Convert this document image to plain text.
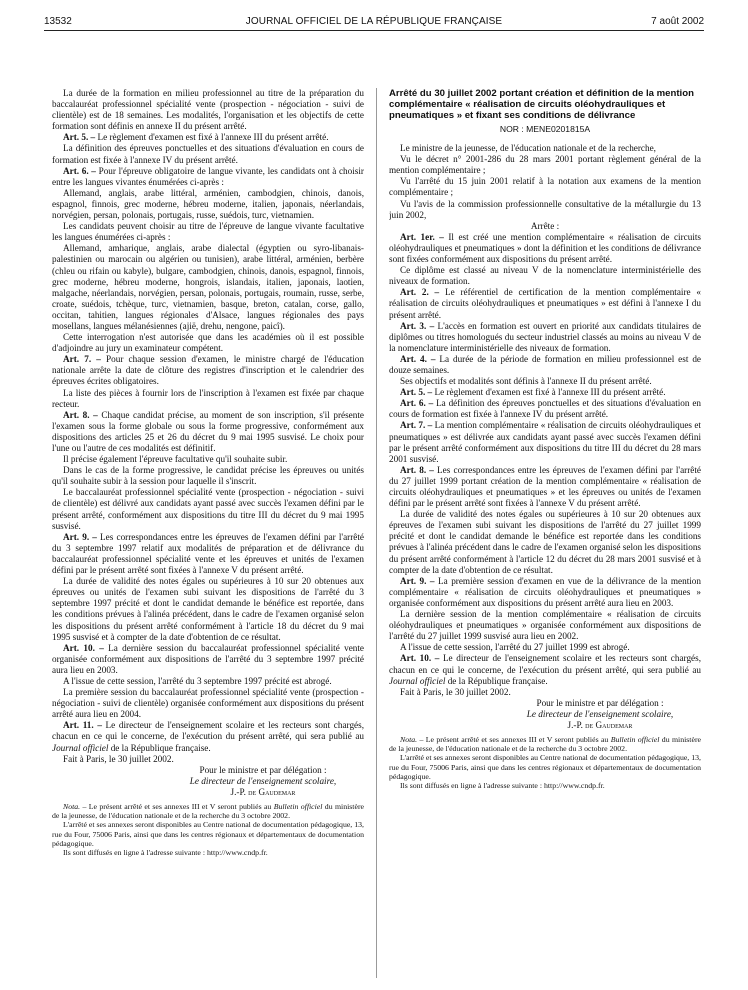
13532	JOURNAL OFFICIEL DE LA RÉPUBLIQUE FRANÇAISE	7 août 2002

La durée de la formation en milieu professionnel au titre de la préparation du baccalauréat professionnel spécialité vente (prospection - négociation - suivi de clientèle) est de 18 semaines. Les modalités, l'organisation et les objectifs de cette formation sont définis en annexe II du présent arrêté.

Art. 5. – Le règlement d'examen est fixé à l'annexe III du présent arrêté.

La définition des épreuves ponctuelles et des situations d'évaluation en cours de formation est fixée à l'annexe IV du présent arrêté.

Art. 6. – Pour l'épreuve obligatoire de langue vivante, les candidats ont à choisir entre les langues vivantes énumérées ci-après :

Allemand, anglais, arabe littéral, arménien, cambodgien, chinois, danois, espagnol, finnois, grec moderne, hébreu moderne, italien, japonais, néerlandais, norvégien, persan, polonais, portugais, russe, suédois, turc, vietnamien.

Les candidats peuvent choisir au titre de l'épreuve de langue vivante facultative les langues énumérées ci-après :

Allemand, amharique, anglais, arabe dialectal (égyptien ou syro-libanais-palestinien ou marocain ou algérien ou tunisien), arabe littéral, arménien, berbère (chleu ou rifain ou kabyle), bulgare, cambodgien, chinois, danois, espagnol, finnois, grec moderne, hébreu moderne, hongrois, islandais, italien, japonais, laotien, malgache, néerlandais, norvégien, persan, polonais, portugais, roumain, russe, serbe, croate, suédois, tchèque, turc, vietnamien, basque, breton, catalan, corse, gallo, occitan, tahitien, langues régionales d'Alsace, langues régionales des pays mosellans, langues mélanésiennes (ajië, drehu, nengone, paicî).

Cette interrogation n'est autorisée que dans les académies où il est possible d'adjoindre au jury un examinateur compétent.

Art. 7. – Pour chaque session d'examen, le ministre chargé de l'éducation nationale arrête la date de clôture des registres d'inscription et le calendrier des épreuves écrites obligatoires.

La liste des pièces à fournir lors de l'inscription à l'examen est fixée par chaque recteur.

Art. 8. – Chaque candidat précise, au moment de son inscription, s'il présente l'examen sous la forme globale ou sous la forme progressive, conformément aux dispositions des articles 25 et 26 du décret du 9 mai 1995 susvisé. Le choix pour l'une ou l'autre de ces modalités est définitif.

Il précise également l'épreuve facultative qu'il souhaite subir.

Dans le cas de la forme progressive, le candidat précise les épreuves ou unités qu'il souhaite subir à la session pour laquelle il s'inscrit.

Le baccalauréat professionnel spécialité vente (prospection - négociation - suivi de clientèle) est délivré aux candidats ayant passé avec succès l'examen défini par le présent arrêté, conformément aux dispositions du titre III du décret du 9 mai 1995 susvisé.

Art. 9. – Les correspondances entre les épreuves de l'examen défini par l'arrêté du 3 septembre 1997 relatif aux modalités de préparation et de délivrance du baccalauréat professionnel spécialité vente et les épreuves et unités de l'examen défini par le présent arrêté sont fixées à l'annexe V du présent arrêté.

La durée de validité des notes égales ou supérieures à 10 sur 20 obtenues aux épreuves ou unités de l'examen subi suivant les dispositions de l'arrêté du 3 septembre 1997 précité et dont le candidat demande le bénéfice est reportée, dans les conditions prévues à l'alinéa précédent, dans le cadre de l'examen organisé selon les dispositions du présent arrêté conformément à l'article 18 du décret du 9 mai 1995 susvisé et à compter de la date d'obtention de ce résultat.

Art. 10. – La dernière session du baccalauréat professionnel spécialité vente organisée conformément aux dispositions de l'arrêté du 3 septembre 1997 précité aura lieu en 2003.

A l'issue de cette session, l'arrêté du 3 septembre 1997 précité est abrogé.

La première session du baccalauréat professionnel spécialité vente (prospection - négociation - suivi de clientèle) organisée conformément aux dispositions du présent arrêté aura lieu en 2004.

Art. 11. – Le directeur de l'enseignement scolaire et les recteurs sont chargés, chacun en ce qui le concerne, de l'exécution du présent arrêté, qui sera publié au Journal officiel de la République française.

Fait à Paris, le 30 juillet 2002.

Pour le ministre et par délégation :

Le directeur de l'enseignement scolaire,

J.-P. de Gaudemar

Nota. – Le présent arrêté et ses annexes III et V seront publiés au Bulletin officiel du ministère de la jeunesse, de l'éducation nationale et de la recherche du 3 octobre 2002.

L'arrêté et ses annexes seront disponibles au Centre national de documentation pédagogique, 13, rue du Four, 75006 Paris, ainsi que dans les centres régionaux et départementaux de documentation pédagogique.

Ils sont diffusés en ligne à l'adresse suivante : http://www.cndp.fr.

Arrêté du 30 juillet 2002 portant création et définition de la mention complémentaire « réalisation de circuits oléohydrauliques et pneumatiques » et fixant ses conditions de délivrance

NOR : MENE0201815A

Le ministre de la jeunesse, de l'éducation nationale et de la recherche,

Vu le décret n° 2001-286 du 28 mars 2001 portant règlement général de la mention complémentaire ;

Vu l'arrêté du 15 juin 2001 relatif à la notation aux examens de la mention complémentaire ;

Vu l'avis de la commission professionnelle consultative de la métallurgie du 13 juin 2002,

Arrête :

Art. 1er. – Il est créé une mention complémentaire « réalisation de circuits oléohydrauliques et pneumatiques » dont la définition et les conditions de délivrance sont fixées conformément aux dispositions du présent arrêté.

Ce diplôme est classé au niveau V de la nomenclature interministérielle des niveaux de formation.

Art. 2. – Le référentiel de certification de la mention complémentaire « réalisation de circuits oléohydrauliques et pneumatiques » est défini à l'annexe I du présent arrêté.

Art. 3. – L'accès en formation est ouvert en priorité aux candidats titulaires de diplômes ou titres homologués du secteur industriel classés au moins au niveau V de la nomenclature interministérielle des niveaux de formation.

Art. 4. – La durée de la période de formation en milieu professionnel est de douze semaines.

Ses objectifs et modalités sont définis à l'annexe II du présent arrêté.

Art. 5. – Le règlement d'examen est fixé à l'annexe III du présent arrêté.

Art. 6. – La définition des épreuves ponctuelles et des situations d'évaluation en cours de formation est fixée à l'annexe IV du présent arrêté.

Art. 7. – La mention complémentaire « réalisation de circuits oléohydrauliques et pneumatiques » est délivrée aux candidats ayant passé avec succès l'examen défini par le présent arrêté conformément aux dispositions du titre III du décret du 28 mars 2001 susvisé.

Art. 8. – Les correspondances entre les épreuves de l'examen défini par l'arrêté du 27 juillet 1999 portant création de la mention complémentaire « réalisation de circuits oléohydrauliques et pneumatiques » et les épreuves ou unités de l'examen défini par le présent arrêté sont fixées à l'annexe V du présent arrêté.

La durée de validité des notes égales ou supérieures à 10 sur 20 obtenues aux épreuves de l'examen subi suivant les dispositions de l'arrêté du 27 juillet 1999 précité et dont le candidat demande le bénéfice est reportée dans les conditions prévues à l'alinéa précédent dans le cadre de l'examen organisé selon les dispositions du présent arrêté conformément à l'article 12 du décret du 28 mars 2001 susvisé et à compter de la date d'obtention de ce résultat.

Art. 9. – La première session d'examen en vue de la délivrance de la mention complémentaire « réalisation de circuits oléohydrauliques et pneumatiques » organisée conformément aux dispositions du présent arrêté aura lieu en 2003.

La dernière session de la mention complémentaire « réalisation de circuits oléohydrauliques et pneumatiques » organisée conformément aux dispositions de l'arrêté du 27 juillet 1999 susvisé aura lieu en 2002.

A l'issue de cette session, l'arrêté du 27 juillet 1999 est abrogé.

Art. 10. – Le directeur de l'enseignement scolaire et les recteurs sont chargés, chacun en ce qui le concerne, de l'exécution du présent arrêté, qui sera publié au Journal officiel de la République française.

Fait à Paris, le 30 juillet 2002.

Pour le ministre et par délégation :

Le directeur de l'enseignement scolaire,

J.-P. de Gaudemar

Nota. – Le présent arrêté et ses annexes III et V seront publiés au Bulletin officiel du ministère de la jeunesse, de l'éducation nationale et de la recherche du 3 octobre 2002.

L'arrêté et ses annexes seront disponibles au Centre national de documentation pédagogique, 13, rue du Four, 75006 Paris, ainsi que dans les centres régionaux et départementaux de documentation pédagogique.

Ils sont diffusés en ligne à l'adresse suivante : http://www.cndp.fr.
